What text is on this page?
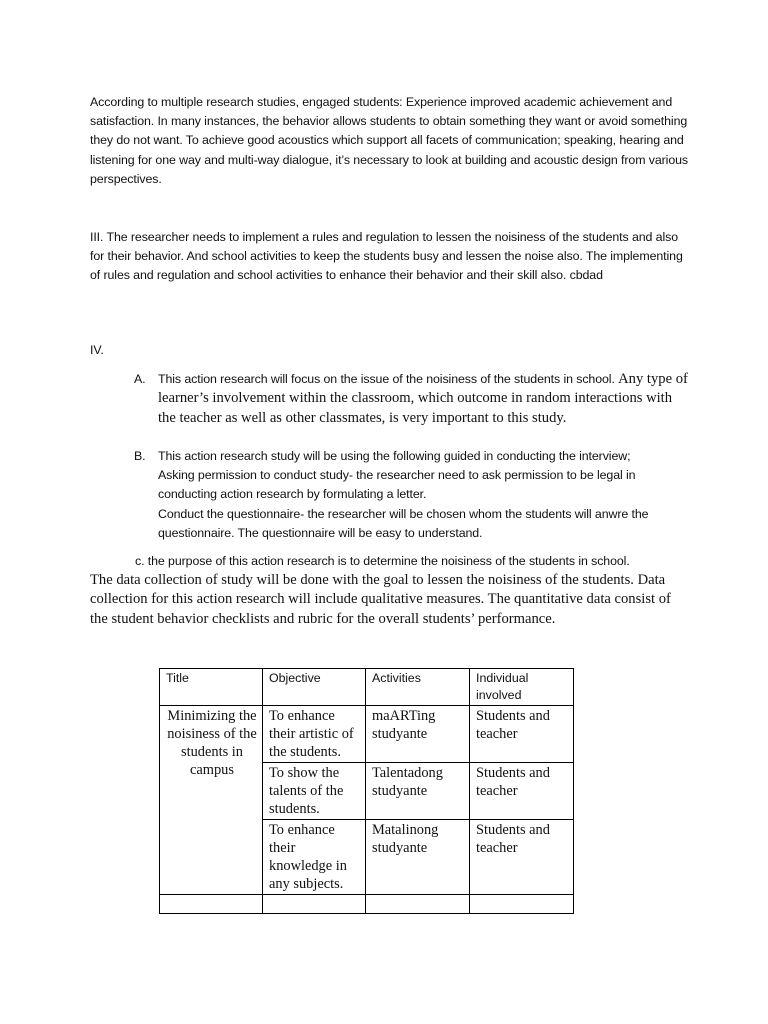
According to multiple research studies, engaged students: Experience improved academic achievement and satisfaction. In many instances, the behavior allows students to obtain something they want or avoid something they do not want. To achieve good acoustics which support all facets of communication; speaking, hearing and listening for one way and multi-way dialogue, it’s necessary to look at building and acoustic design from various perspectives.

III. The researcher needs to implement a rules and regulation to lessen the noisiness of the students and also for their behavior. And school activities to keep the students busy and lessen the noise also. The implementing of rules and regulation and school activities to enhance their behavior and their skill also. cbdad

IV.

A. This action research will focus on the issue of the noisiness of the students in school. Any type of learner’s involvement within the classroom, which outcome in random interactions with the teacher as well as other classmates, is very important to this study.
B. This action research study will be using the following guided in conducting the interview;
Asking permission to conduct study- the researcher need to ask permission to be legal in conducting action research by formulating a letter.
Conduct the questionnaire- the researcher will be chosen whom the students will anwre the questionnaire. The questionnaire will be easy to understand.

c. the purpose of this action research is to determine the noisiness of the students in school.

The data collection of study will be done with the goal to lessen the noisiness of the students. Data collection for this action research will include qualitative measures. The quantitative data consist of the student behavior checklists and rubric for the overall students’ performance.

Title	Objective	Activities	Individual involved
Minimizing the noisiness of the students in campus	To enhance their artistic of the students.	maARTing studyante	Students and teacher
	To show the talents of the students.	Talentadong studyante	Students and teacher
	To enhance their knowledge in any subjects.	Matalinong studyante	Students and teacher
